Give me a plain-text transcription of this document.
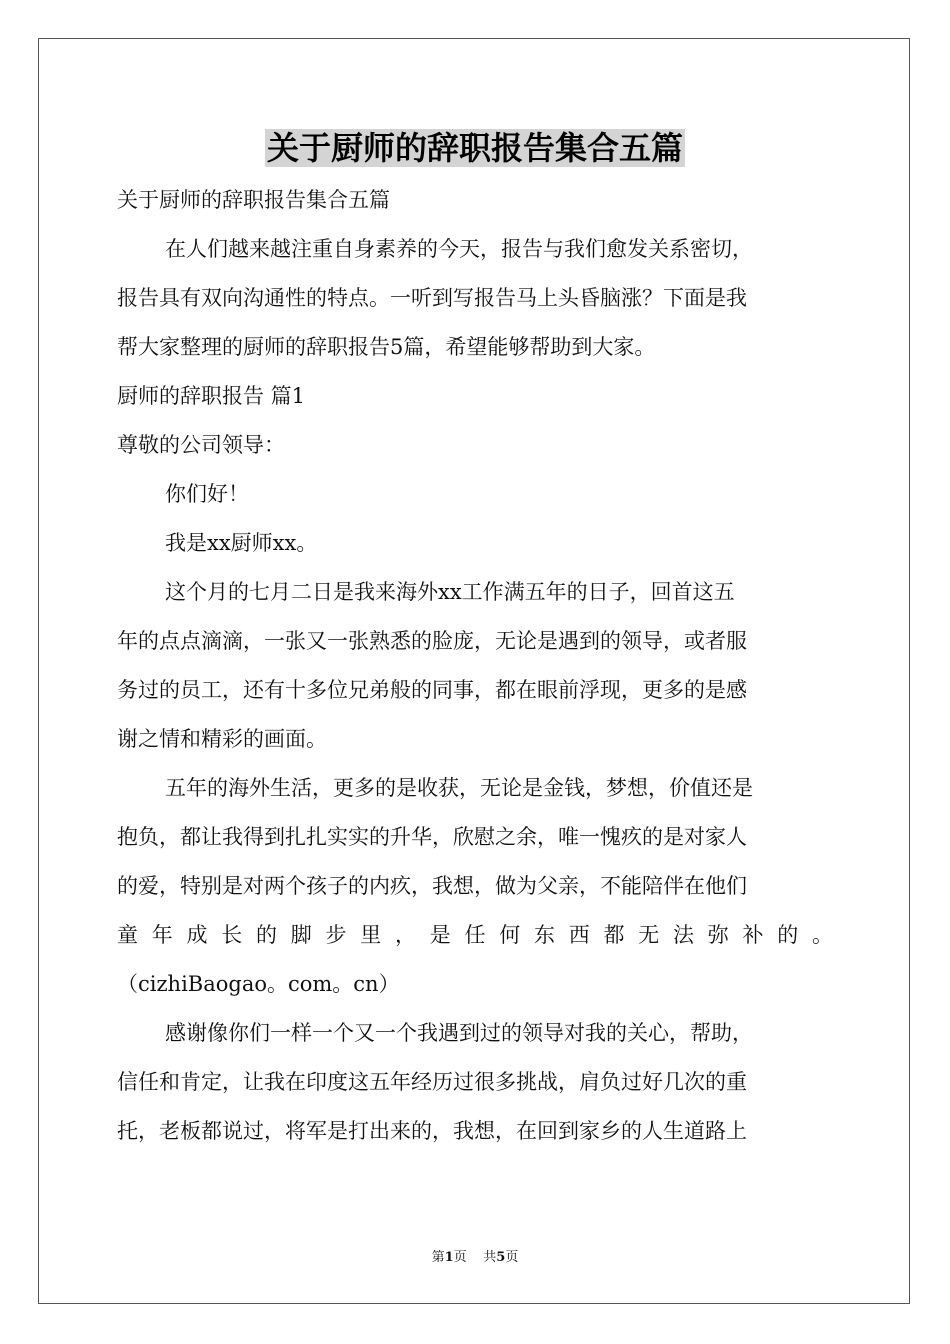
关于厨师的辞职报告集合五篇
关于厨师的辞职报告集合五篇
在人们越来越注重自身素养的今天，报告与我们愈发关系密切，
报告具有双向沟通性的特点。一听到写报告马上头昏脑涨？下面是我
帮大家整理的厨师的辞职报告5篇，希望能够帮助到大家。
厨师的辞职报告 篇1
尊敬的公司领导：
你们好！
我是xx厨师xx。
这个月的七月二日是我来海外xx工作满五年的日子，回首这五
年的点点滴滴，一张又一张熟悉的脸庞，无论是遇到的领导，或者服
务过的员工，还有十多位兄弟般的同事，都在眼前浮现，更多的是感
谢之情和精彩的画面。
五年的海外生活，更多的是收获，无论是金钱，梦想，价值还是
抱负，都让我得到扎扎实实的升华，欣慰之余，唯一愧疚的是对家人
的爱，特别是对两个孩子的内疚，我想，做为父亲，不能陪伴在他们
童 年 成 长 的 脚 步 里 ， 是 任 何 东 西 都 无 法 弥 补 的 。
（cizhiBaogao。com。cn）
感谢像你们一样一个又一个我遇到过的领导对我的关心，帮助，
信任和肯定，让我在印度这五年经历过很多挑战，肩负过好几次的重
托，老板都说过，将军是打出来的，我想，在回到家乡的人生道路上
第1页 共5页
